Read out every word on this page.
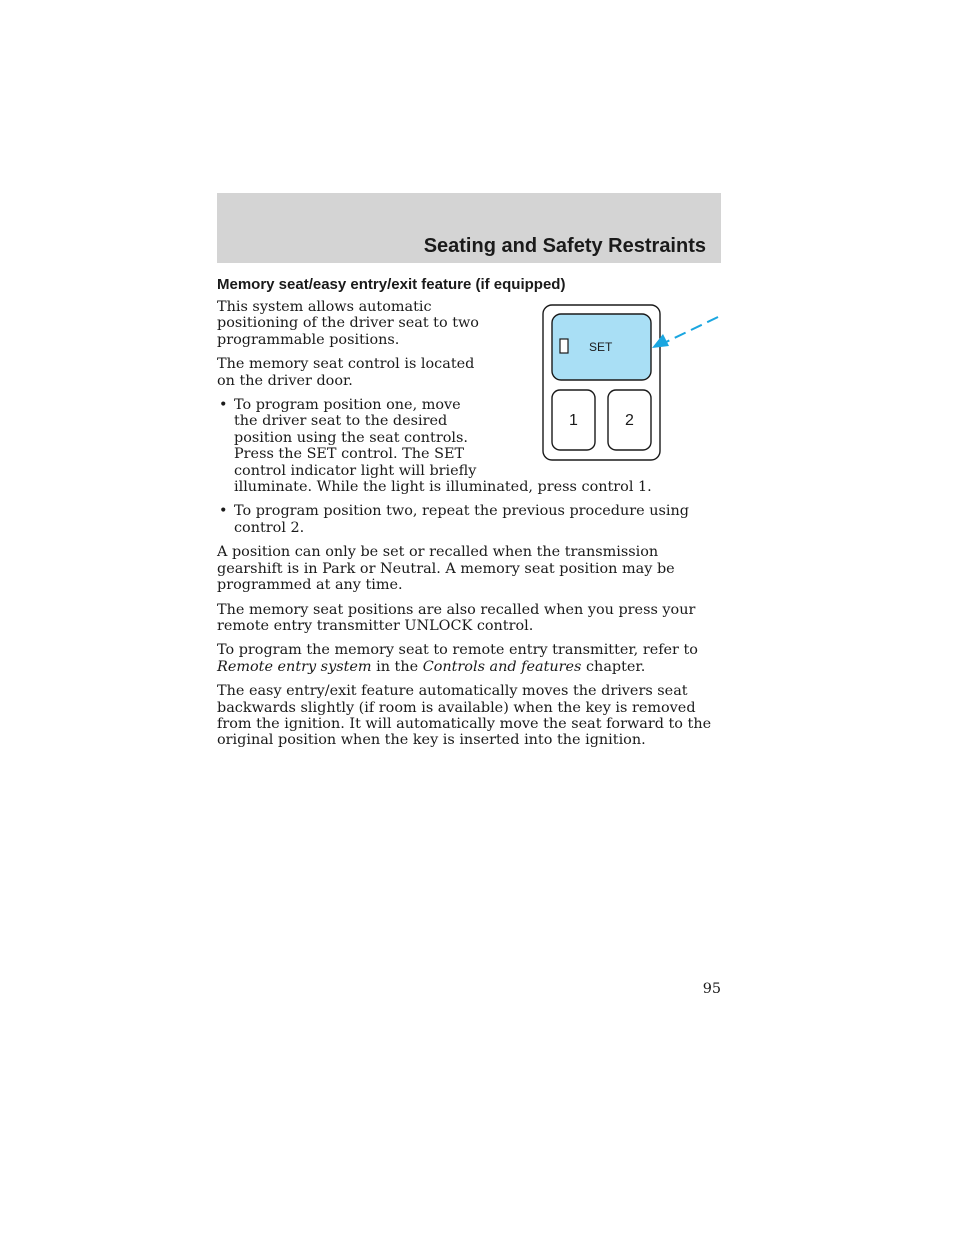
Seating and Safety Restraints
Memory seat/easy entry/exit feature (if equipped)

This system allows automatic positioning of the driver seat to two programmable positions.

The memory seat control is located on the driver door.

• To program position one, move
the driver seat to the desired
position using the seat controls.
Press the SET control. The SET
control indicator light will briefly
illuminate. While the light is illuminated, press control 1.
• To program position two, repeat the previous procedure using control 2.

A position can only be set or recalled when the transmission gearshift is in Park or Neutral. A memory seat position may be programmed at any time.

The memory seat positions are also recalled when you press your remote entry transmitter UNLOCK control.

To program the memory seat to remote entry transmitter, refer to
Remote entry system in the Controls and features chapter.

The easy entry/exit feature automatically moves the drivers seat backwards slightly (if room is available) when the key is removed from the ignition. It will automatically move the seat forward to the original position when the key is inserted into the ignition.

SET
1	2
95
